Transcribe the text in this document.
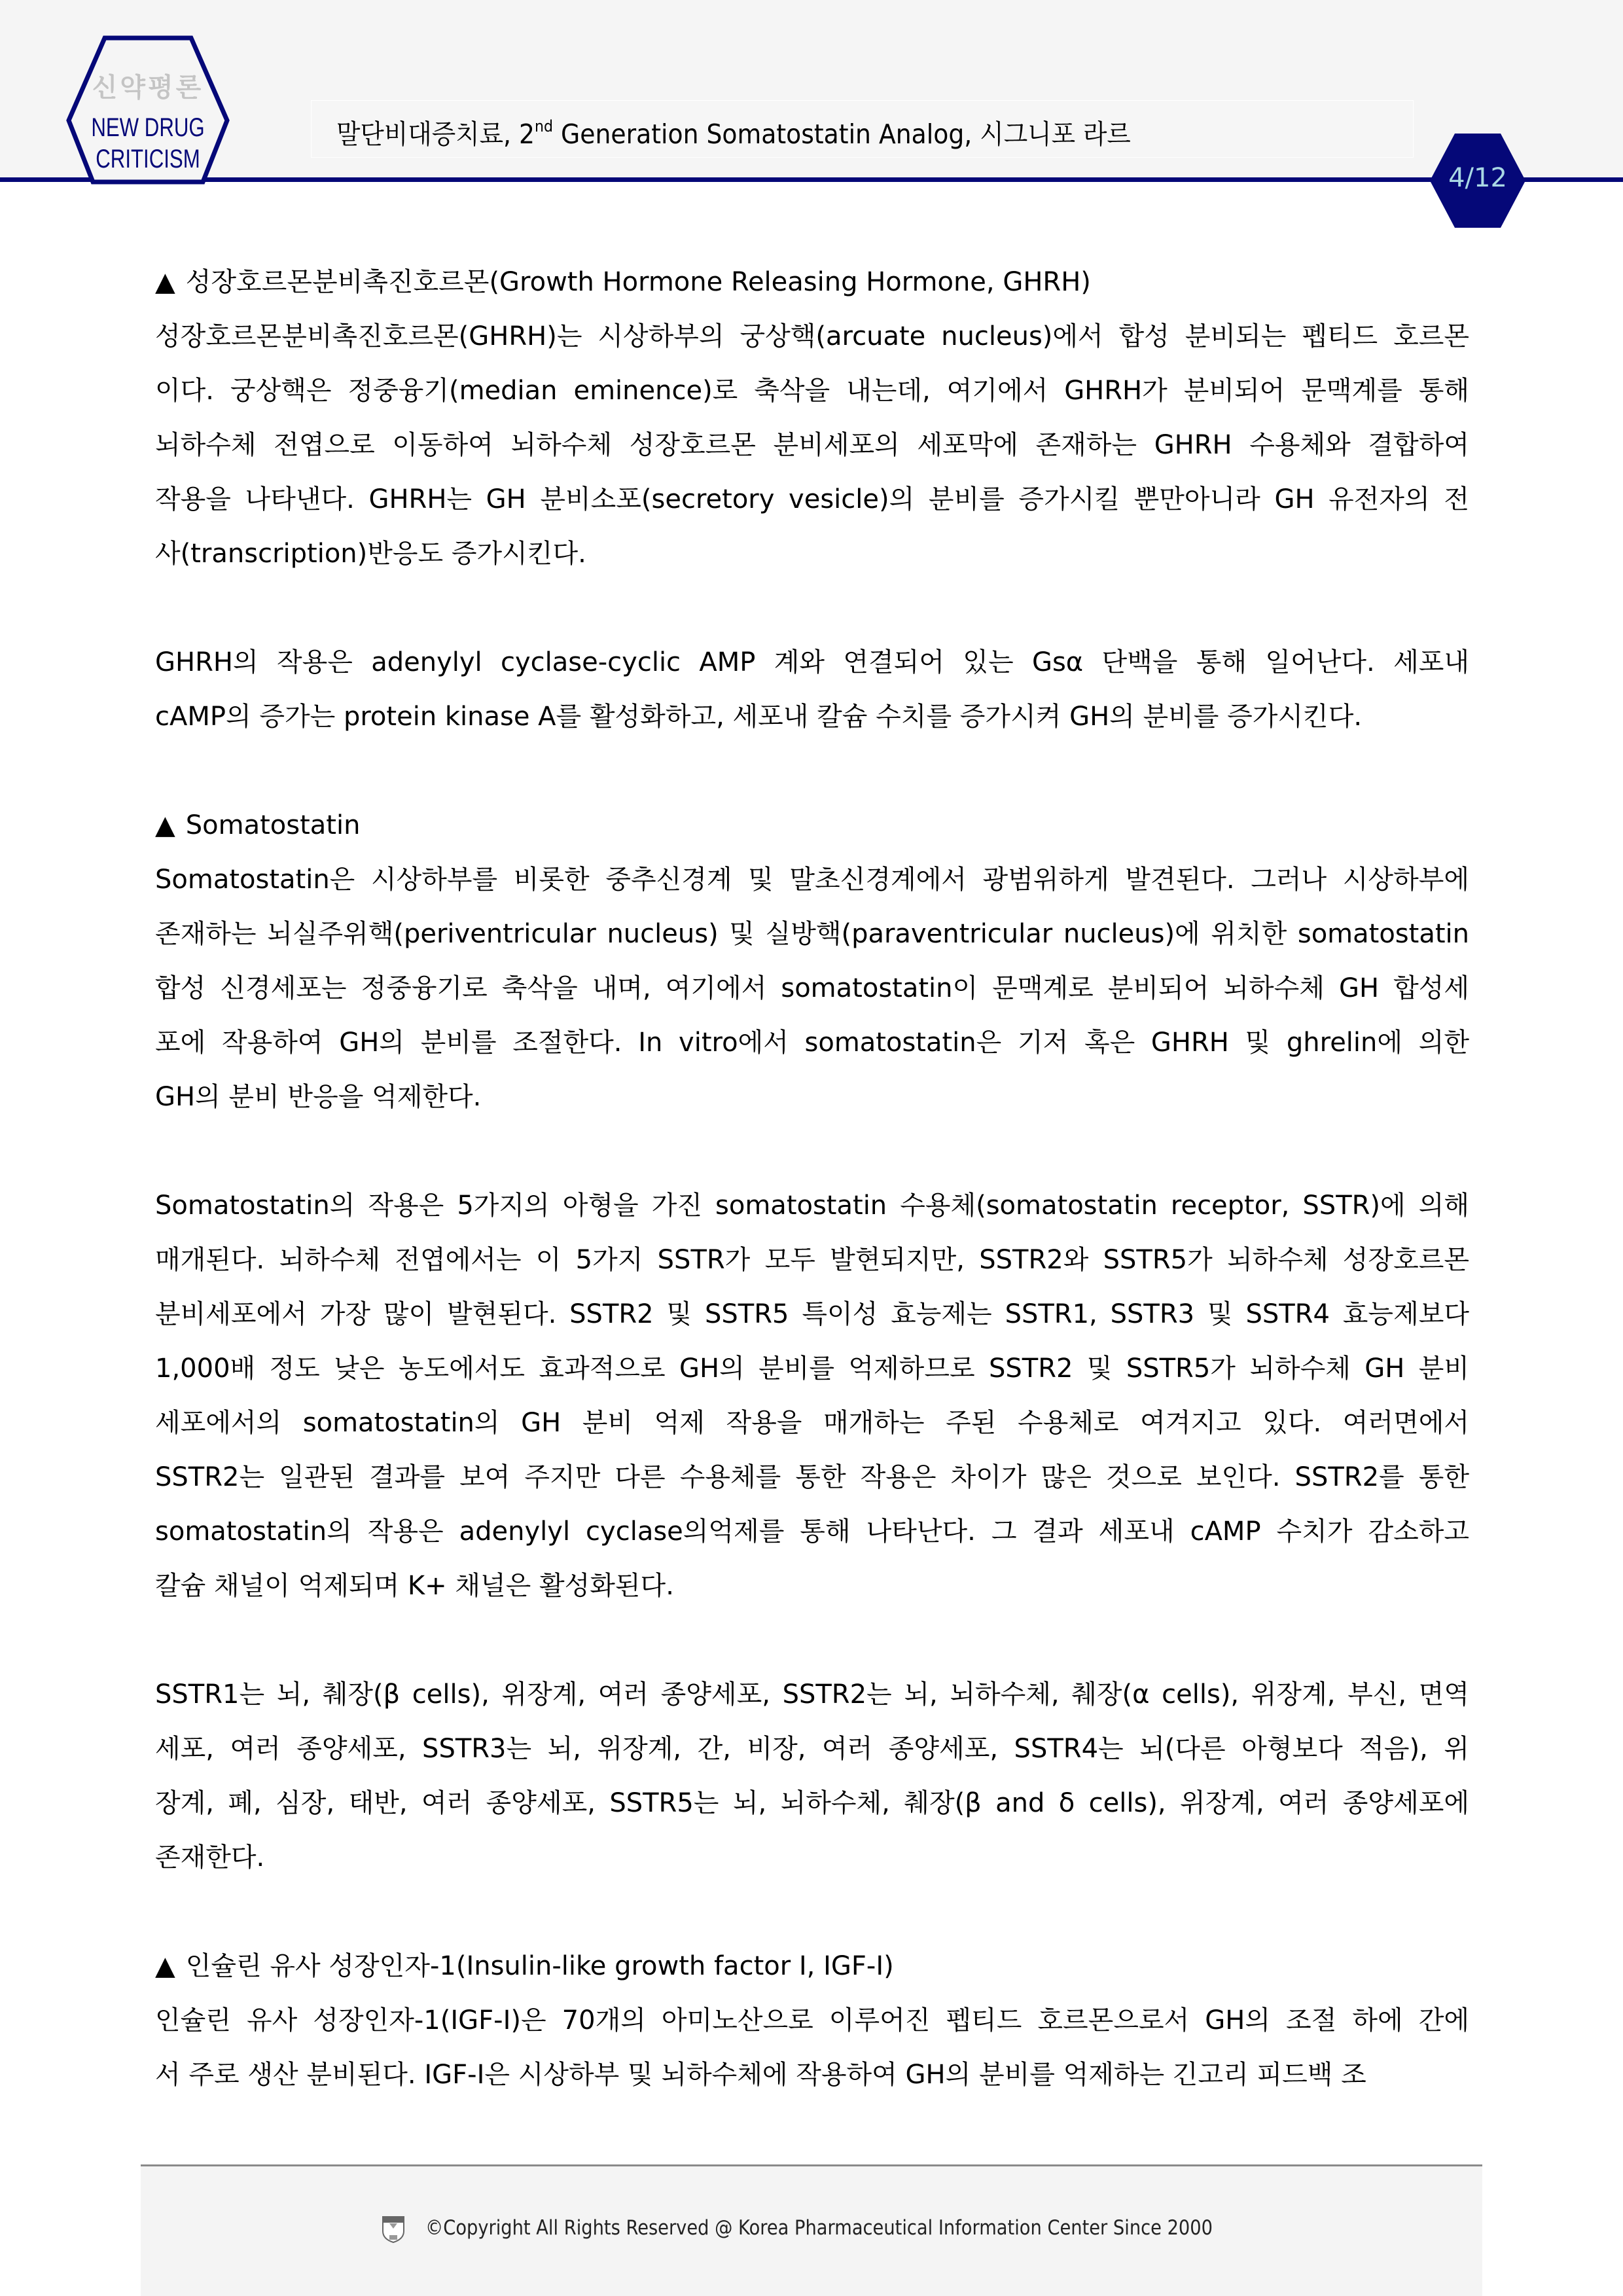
신약평론
NEW DRUG
CRITICISM
말단비대증치료, 2nd Generation Somatostatin Analog, 시그니포 라르
4/12
▲ 성장호르몬분비촉진호르몬(Growth Hormone Releasing Hormone, GHRH)
성장호르몬분비촉진호르몬(GHRH)는 시상하부의 궁상핵(arcuate nucleus)에서 합성 분비되는 펩티드 호르몬
이다. 궁상핵은 정중융기(median eminence)로 축삭을 내는데, 여기에서 GHRH가 분비되어 문맥계를 통해
뇌하수체 전엽으로 이동하여 뇌하수체 성장호르몬 분비세포의 세포막에 존재하는 GHRH 수용체와 결합하여
작용을 나타낸다. GHRH는 GH 분비소포(secretory vesicle)의 분비를 증가시킬 뿐만아니라 GH 유전자의 전
사(transcription)반응도 증가시킨다.
GHRH의 작용은 adenylyl cyclase-cyclic AMP 계와 연결되어 있는 Gsα 단백을 통해 일어난다. 세포내
cAMP의 증가는 protein kinase A를 활성화하고, 세포내 칼슘 수치를 증가시켜 GH의 분비를 증가시킨다.
▲ Somatostatin
Somatostatin은 시상하부를 비롯한 중추신경계 및 말초신경계에서 광범위하게 발견된다. 그러나 시상하부에
존재하는 뇌실주위핵(periventricular nucleus) 및 실방핵(paraventricular nucleus)에 위치한 somatostatin
합성 신경세포는 정중융기로 축삭을 내며, 여기에서 somatostatin이 문맥계로 분비되어 뇌하수체 GH 합성세
포에 작용하여 GH의 분비를 조절한다. In vitro에서 somatostatin은 기저 혹은 GHRH 및 ghrelin에 의한
GH의 분비 반응을 억제한다.
Somatostatin의 작용은 5가지의 아형을 가진 somatostatin 수용체(somatostatin receptor, SSTR)에 의해
매개된다. 뇌하수체 전엽에서는 이 5가지 SSTR가 모두 발현되지만, SSTR2와 SSTR5가 뇌하수체 성장호르몬
분비세포에서 가장 많이 발현된다. SSTR2 및 SSTR5 특이성 효능제는 SSTR1, SSTR3 및 SSTR4 효능제보다
1,000배 정도 낮은 농도에서도 효과적으로 GH의 분비를 억제하므로 SSTR2 및 SSTR5가 뇌하수체 GH 분비
세포에서의 somatostatin의 GH 분비 억제 작용을 매개하는 주된 수용체로 여겨지고 있다. 여러면에서
SSTR2는 일관된 결과를 보여 주지만 다른 수용체를 통한 작용은 차이가 많은 것으로 보인다. SSTR2를 통한
somatostatin의 작용은 adenylyl cyclase의억제를 통해 나타난다. 그 결과 세포내 cAMP 수치가 감소하고
칼슘 채널이 억제되며 K+ 채널은 활성화된다.
SSTR1는 뇌, 췌장(β cells), 위장계, 여러 종양세포, SSTR2는 뇌, 뇌하수체, 췌장(α cells), 위장계, 부신, 면역
세포, 여러 종양세포, SSTR3는 뇌, 위장계, 간, 비장, 여러 종양세포, SSTR4는 뇌(다른 아형보다 적음), 위
장계, 폐, 심장, 태반, 여러 종양세포, SSTR5는 뇌, 뇌하수체, 췌장(β and δ cells), 위장계, 여러 종양세포에
존재한다.
▲ 인슐린 유사 성장인자-1(Insulin-like growth factor I, IGF-I)
인슐린 유사 성장인자-1(IGF-I)은 70개의 아미노산으로 이루어진 펩티드 호르몬으로서 GH의 조절 하에 간에
서 주로 생산 분비된다. IGF-I은 시상하부 및 뇌하수체에 작용하여 GH의 분비를 억제하는 긴고리 피드백 조
©Copyright All Rights Reserved @ Korea Pharmaceutical Information Center Since 2000
